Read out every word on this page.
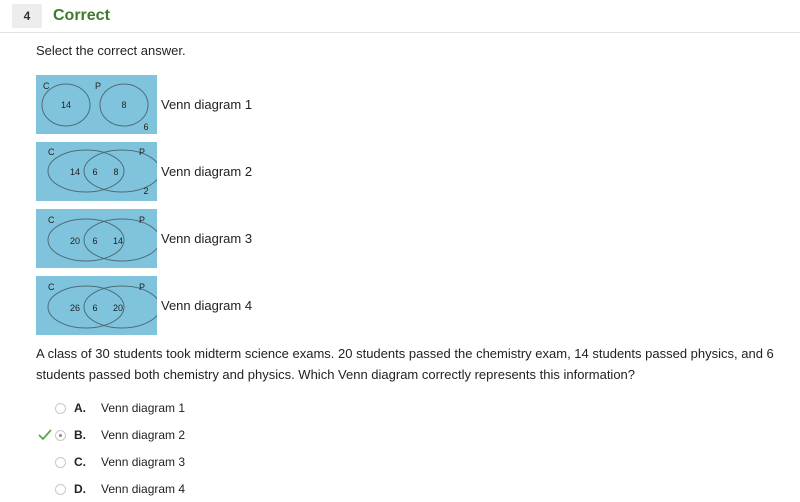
4	Correct
Select the correct answer.
C	P
14	8
6
Venn diagram 1
C	P
14 6 8
2
Venn diagram 2
C	P
20 6 14	Venn diagram 3
C	P
26 6 20	Venn diagram 4
A class of 30 students took midterm science exams. 20 students passed the chemistry exam, 14 students passed physics, and 6 students passed both chemistry and physics. Which Venn diagram correctly represents this information?
A. Venn diagram 1
B. Venn diagram 2
C. Venn diagram 3
D. Venn diagram 4
